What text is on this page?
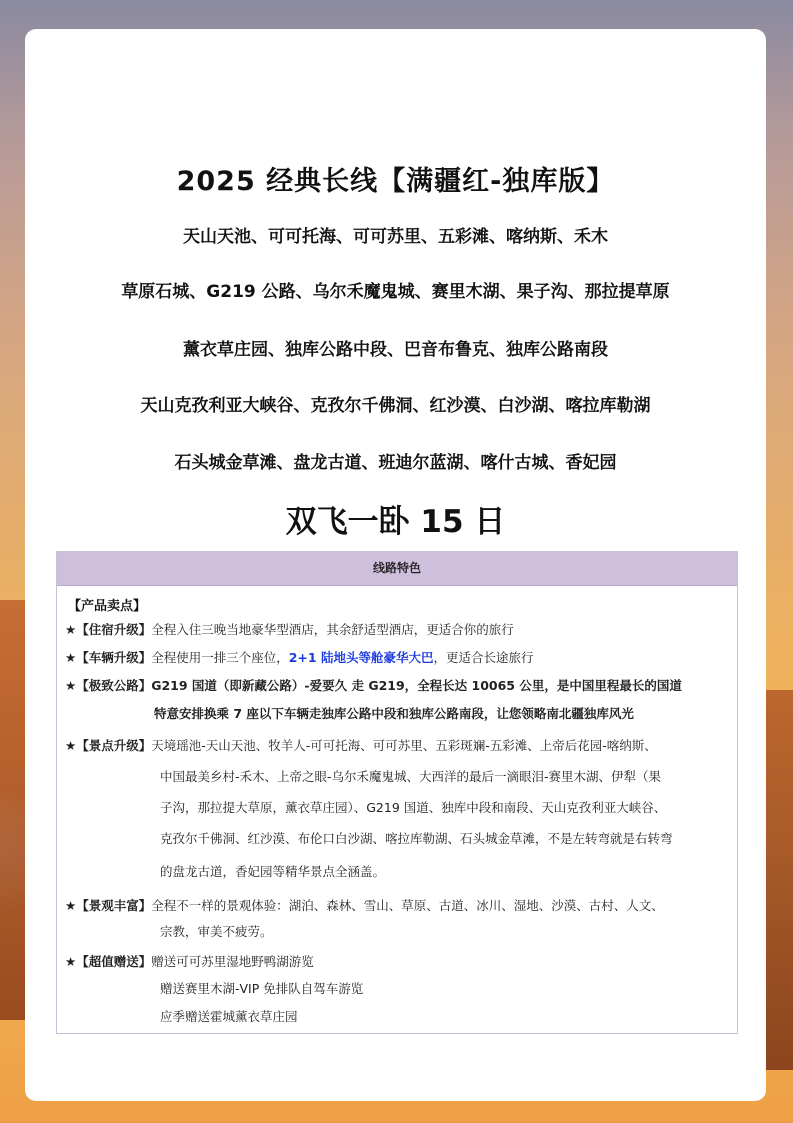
2025 经典长线【满疆红-独库版】
天山天池、可可托海、可可苏里、五彩滩、喀纳斯、禾木
草原石城、G219 公路、乌尔禾魔鬼城、赛里木湖、果子沟、那拉提草原
薰衣草庄园、独库公路中段、巴音布鲁克、独库公路南段
天山克孜利亚大峡谷、克孜尔千佛洞、红沙漠、白沙湖、喀拉库勒湖
石头城金草滩、盘龙古道、班迪尔蓝湖、喀什古城、香妃园
双飞一卧 15 日
线路特色
【产品卖点】
★【住宿升级】全程入住三晚当地豪华型酒店，其余舒适型酒店，更适合你的旅行
★【车辆升级】全程使用一排三个座位，2+1 陆地头等舱豪华大巴，更适合长途旅行
★【极致公路】G219 国道（即新藏公路）-爱要久 走 G219，全程长达 10065 公里，是中国里程最长的国道
特意安排换乘 7 座以下车辆走独库公路中段和独库公路南段，让您领略南北疆独库风光
★【景点升级】天境瑶池-天山天池、牧羊人-可可托海、可可苏里、五彩斑斓-五彩滩、上帝后花园-喀纳斯、
中国最美乡村-禾木、上帝之眼-乌尔禾魔鬼城、大西洋的最后一滴眼泪-赛里木湖、伊犁（果
子沟，那拉提大草原，薰衣草庄园）、G219 国道、独库中段和南段、天山克孜利亚大峡谷、
克孜尔千佛洞、红沙漠、布伦口白沙湖、喀拉库勒湖、石头城金草滩，不是左转弯就是右转弯
的盘龙古道，香妃园等精华景点全涵盖。
★【景观丰富】全程不一样的景观体验：湖泊、森林、雪山、草原、古道、冰川、湿地、沙漠、古村、人文、
宗教，审美不疲劳。
★【超值赠送】赠送可可苏里湿地野鸭湖游览
赠送赛里木湖-VIP 免排队自驾车游览
应季赠送霍城薰衣草庄园
